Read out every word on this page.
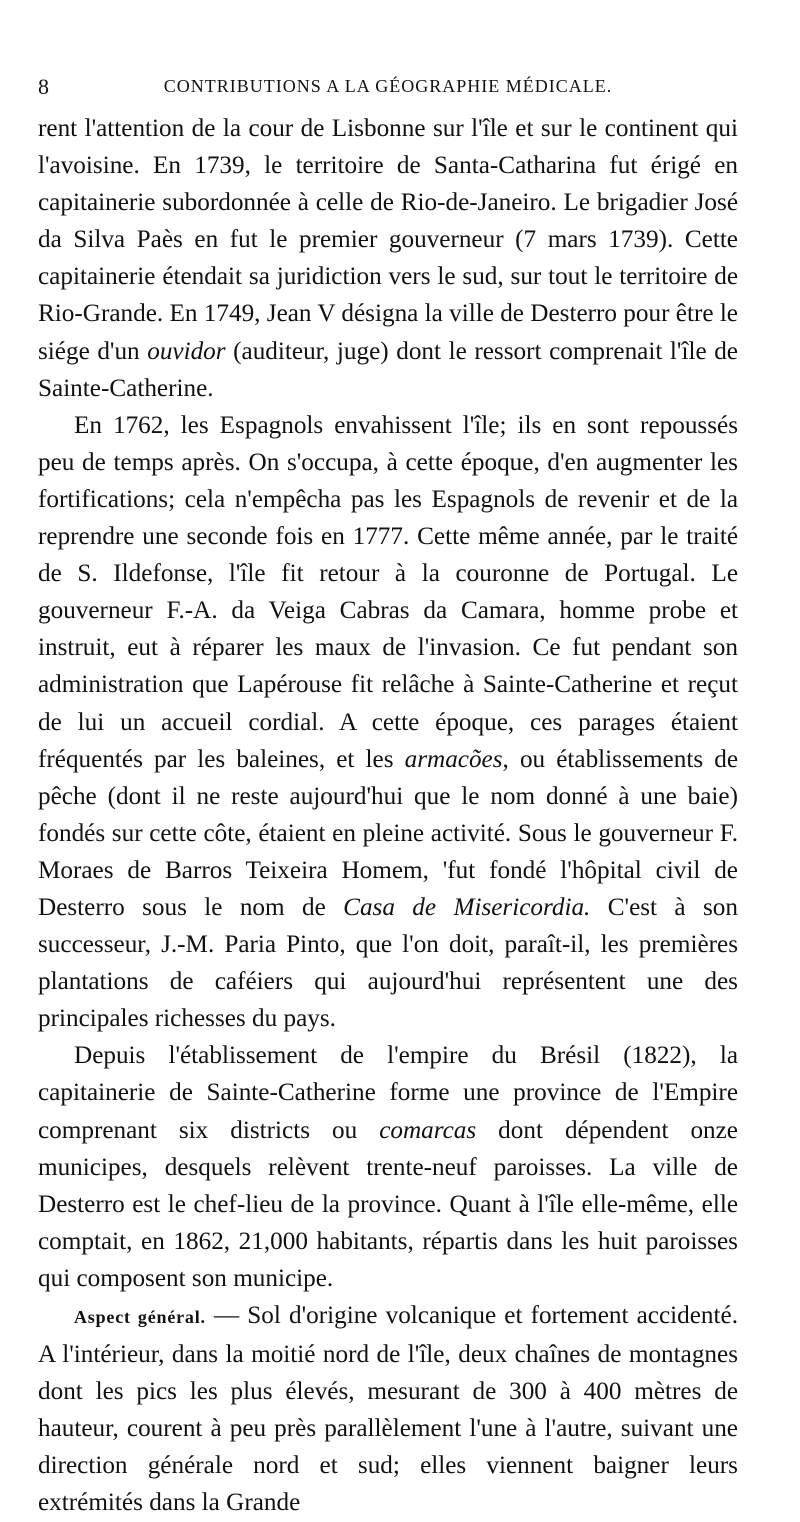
8	CONTRIBUTIONS A LA GÉOGRAPHIE MÉDICALE.

rent l'attention de la cour de Lisbonne sur l'île et sur le continent qui l'avoisine. En 1739, le territoire de Santa-Catharina fut érigé en capitainerie subordonnée à celle de Rio-de-Janeiro. Le brigadier José da Silva Paès en fut le premier gouverneur (7 mars 1739). Cette capitainerie étendait sa juridiction vers le sud, sur tout le territoire de Rio-Grande. En 1749, Jean V désigna la ville de Desterro pour être le siége d'un ouvidor (auditeur, juge) dont le ressort comprenait l'île de Sainte-Catherine.

En 1762, les Espagnols envahissent l'île; ils en sont repoussés peu de temps après. On s'occupa, à cette époque, d'en augmenter les fortifications; cela n'empêcha pas les Espagnols de revenir et de la reprendre une seconde fois en 1777. Cette même année, par le traité de S. Ildefonse, l'île fit retour à la couronne de Portugal. Le gouverneur F.-A. da Veiga Cabras da Camara, homme probe et instruit, eut à réparer les maux de l'invasion. Ce fut pendant son administration que Lapérouse fit relâche à Sainte-Catherine et reçut de lui un accueil cordial. A cette époque, ces parages étaient fréquentés par les baleines, et les armacões, ou établissements de pêche (dont il ne reste aujourd'hui que le nom donné à une baie) fondés sur cette côte, étaient en pleine activité. Sous le gouverneur F. Moraes de Barros Teixeira Homem, 'fut fondé l'hôpital civil de Desterro sous le nom de Casa de Misericordia. C'est à son successeur, J.-M. Paria Pinto, que l'on doit, paraît-il, les premières plantations de caféiers qui aujourd'hui représentent une des principales richesses du pays.

Depuis l'établissement de l'empire du Brésil (1822), la capitainerie de Sainte-Catherine forme une province de l'Empire comprenant six districts ou comarcas dont dépendent onze municipes, desquels relèvent trente-neuf paroisses. La ville de Desterro est le chef-lieu de la province. Quant à l'île elle-même, elle comptait, en 1862, 21,000 habitants, répartis dans les huit paroisses qui composent son municipe.

Aspect général. — Sol d'origine volcanique et fortement accidenté. A l'intérieur, dans la moitié nord de l'île, deux chaînes de montagnes dont les pics les plus élevés, mesurant de 300 à 400 mètres de hauteur, courent à peu près parallèlement l'une à l'autre, suivant une direction générale nord et sud; elles viennent baigner leurs extrémités dans la Grande
